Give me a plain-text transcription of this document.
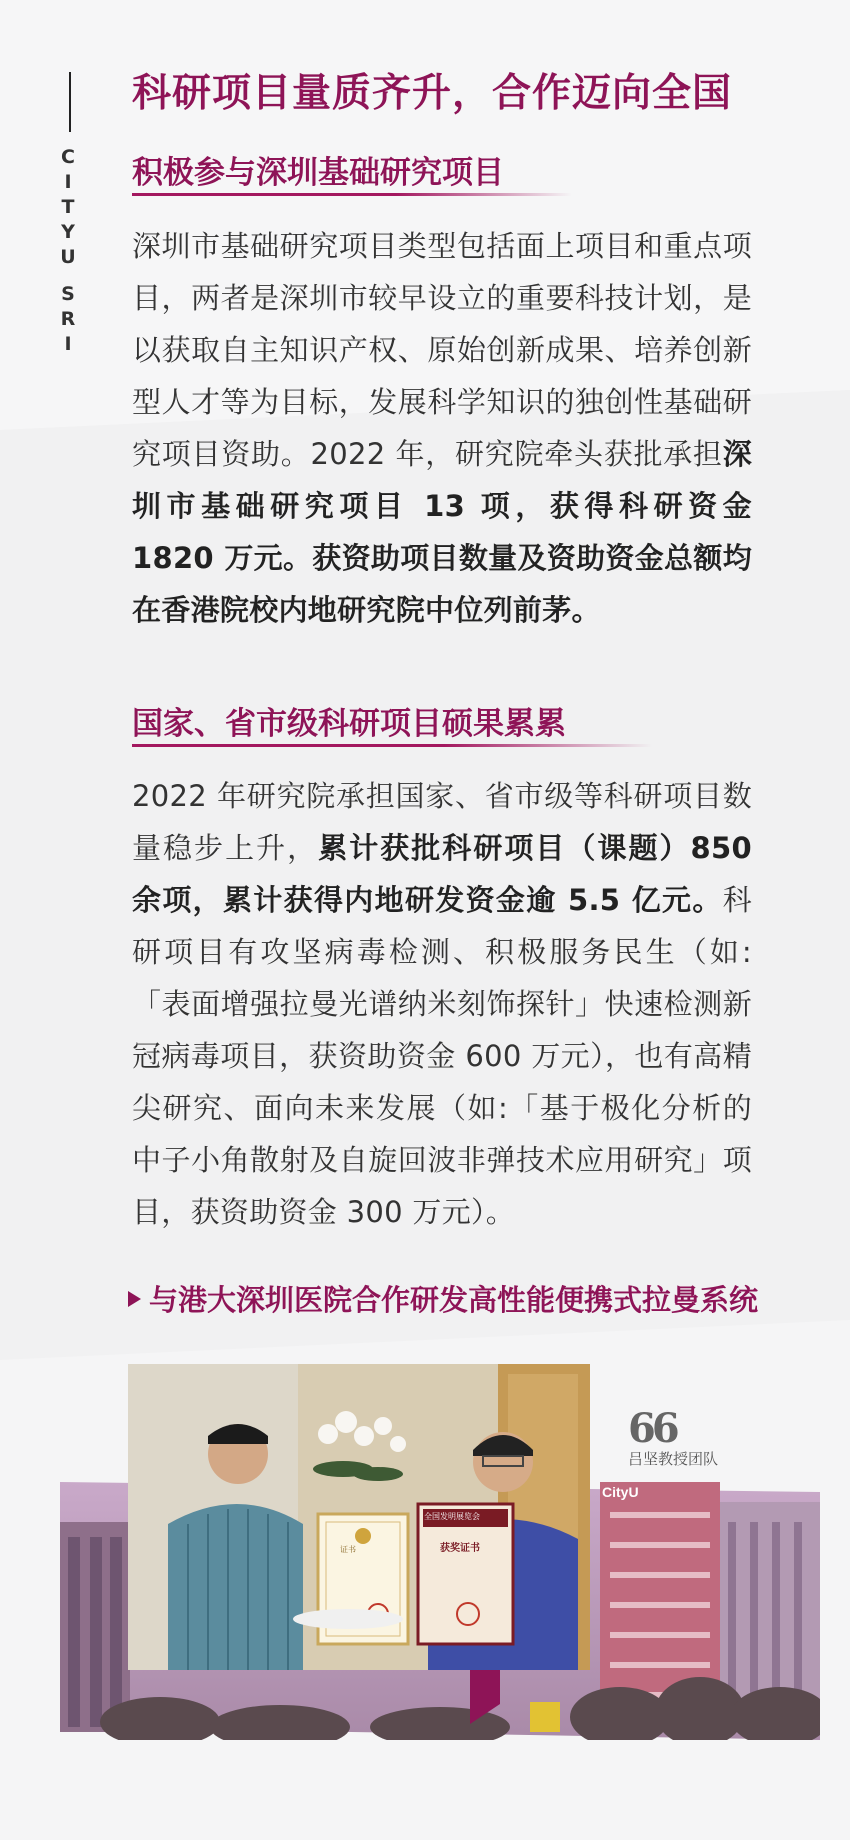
C
I
T
Y
U
S
R
I
科研项目量质齐升，合作迈向全国
积极参与深圳基础研究项目
深圳市基础研究项目类型包括面上项目和重点项目，两者是深圳市较早设立的重要科技计划，是以获取自主知识产权、原始创新成果、培养创新型人才等为目标，发展科学知识的独创性基础研究项目资助。2022 年，研究院牵头获批承担深圳市基础研究项目 13 项，获得科研资金 1820 万元。获资助项目数量及资助资金总额均在香港院校内地研究院中位列前茅。
国家、省市级科研项目硕果累累
2022 年研究院承担国家、省市级等科研项目数量稳步上升，累计获批科研项目（课题）850 余项，累计获得内地研发资金逾 5.5 亿元。科研项目有攻坚病毒检测、积极服务民生（如:「表面增强拉曼光谱纳米刻饰探针」快速检测新冠病毒项目，获资助资金 600 万元），也有高精尖研究、面向未来发展（如:「基于极化分析的中子小角散射及自旋回波非弹技术应用研究」项目，获资助资金 300 万元）。
与港大深圳医院合作研发高性能便携式拉曼系统
CityU
证书
全国发明展览会
获奖证书
66
吕坚教授团队
